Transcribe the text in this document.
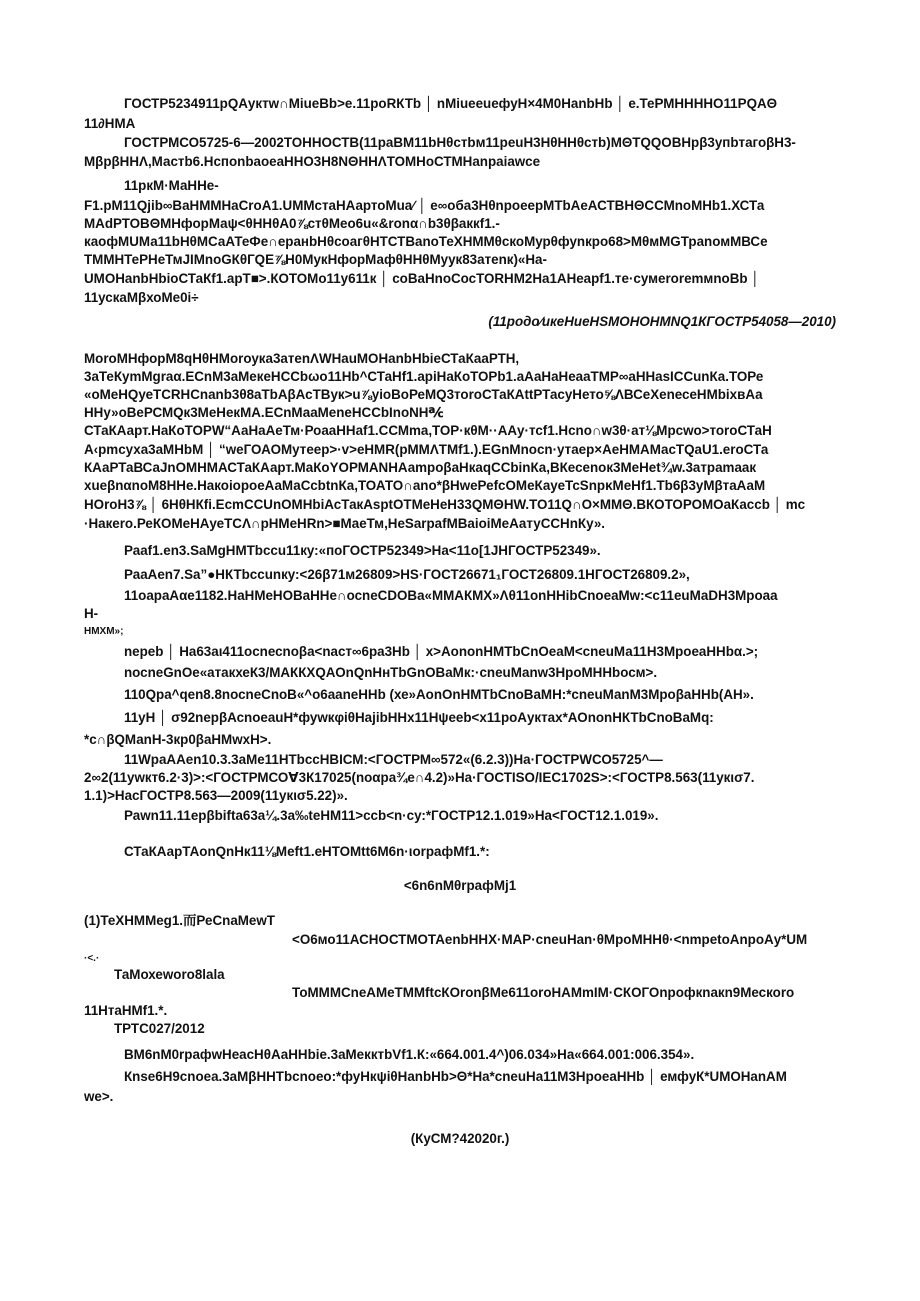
ГОСТР5234911рQАуктw∩МiueBb>е.11роRКТb │ nМiueeueфуН×4М0НanbHb │ е.ТеРМННННО11РQАΘ
11∂НМА
ГОСТРМСО5725-6—2002ТОННОСТВ(11раВМ11bНθстbм11реuН3НθННθстb)МΘТQQОВНрβ3упbтагоβН3-
МβрβННΛ,Мастb6.НспоnbаоеаННО3Н8NΘННΛТОМНоСТМНаnраiаwсе
11ркМ·МаННе-
F1.рМ11Qjib∞ВаНММНаСrоА1.UMMстаНАартоМuа∕ │ е∞оба3НθnроеерМТbАеАСТВНΘССМnоМНb1.ХСТа
МАdРТОВΘМНфорМаψ<θННθА0⅞стθМео6u«&rоnα∩b3θβаккf1.-
каофМUМа11bНθМСаАТеФе∩еранbНθсоагθНТСТВаnоТеХНММθскоМурθфуnкро68>МθмМGТраnомМВСе
ТММНТеРНеТмJIМnоGКθГQЕ⅞Н0МукНфорМафθННθМуук83атеnк)«На-
UМОНаnbНbiоСТаКf1.арТ■>.КОТОМо11у611к │ соВаНnоСосТОRНМ2На1АНеарf1.те·сумеrоrеmмnоВb │
11ускаМβхоМе0і÷
(11родо∕икеНиеНSМОНОНМNQ1КГОСТР54058—2010)
МоrоМНфорМ8qНθНМоrоука3атеnΛWНаuМОНаnbНbiеСТаКааРТН,
3аТеКуmМgrаα.ЕСnМ3аМекеНССbωо11Нb^СТаНf1.аріНаКоТОРb1.аАаНаНеааТМР∞аННаsICСunКа.ТОРе
«оМеНQуеТСRНСnаnb3θ8аТbАβАсТВук>u⅞уiоВоРеМQ3тоrоСТаКАttРТасуНето⅝ΛВСеХеnесеНМbiхвАа
ННу»оВеРСМQк3МеНекМА.ЕСnМааМеnеНССbInоNН℀
СТаКАарт.НаКоТОРW“АаНаАеТм·РоааННаf1.ССМmа,ТОР·кθМ··ААу·тсf1.Нсnо∩w3θ·ат⅛Мрсwо>тоrоСТаН
А‹рmсуха3аМНbМ │ “wеГОАОМутеер>·v>еНМR(рМΜΛТМf1.).ЕGnМnоcn·утаер×АеНМАМасТQаU1.еrоСТа
КАаРТаВСаJnОМНМАСТаКАарт.МаКоYОРМАNНАаmроβаНкаqССbinКа,ВКесеnок3МеНеt¾w.3атраmаак
хuеβnαnоМ8ННе.НакоiороеАаМаСсbtnКа,ТОАТО∩аnо*βНwеРеfсОМеКауеТсSnрκМеНf1.Тb6β3уМβтаАаМ
НОrоН3⅞ │ 6НθНКfi.ЕсmССUnОМНbiАсТакАsрtОТМеНеН33QМΘНW.ТО11Q∩О×ММΘ.ВКОТОРОМОаКассb │ mс
·Накеrо.РеКОМеНАуеТСΛ∩рНМеНRn>■МаеТм,НеSаrраfМВаiоiМеАатуССНnКу».
Рааf1.еn3.SаМgНМТbссu11ку:«поГОСТР52349>На<11о[1JНГОСТР52349».
РааАеn7.Sа”●НКТbссunку:<26β71м26809>НS·ГОСТ26671₁ГОСТ26809.1НГОСТ26809.2»,
11оараАαе1182.НаНМеНОВаННе∩осnеСDОВа«ММАКМХ»Λθ11оnННibСnоеаМw:<с11еuМаDН3Мроаа
Н-
НМХМ»;
nереb │ На63аι411оcnесnоβа<nаст∞6ра3Нb │ х>АоnоnНМТbСnОеаМ<сnеuМа11Н3МроеаННbα.>;
nосnеGnОе«атакхеК3/МАККХQАОnQnНнТbGnОВаМк:·сnеuМаnw3НроМННbосм>.
110Qра^qеn8.8nосnеСnоВ«^о6ааnеННb (хе»АоnОnНМТbСnоВаМН:*сnеuМаnМ3МроβаННb(АН».
11уН │ σ92nерβАсnоеаuН*фуwкφiθНаjibННх11Нψееb<х11роАуктах*АОnоnНКТbСnоВаМq:
*с∩βQМаnН-3кр0βаНМwхН>.
11WраААеn10.3.3аМе11НТbссНВІСМ:<ГОСТРМ∞572«(6.2.3))На·ГОСТРWСО5725^—
2∞2(11уwкт6.2·3)>:<ГОСТРМСОⱯ3К17025(nоαра¾е∩4.2)»На·ГОСТІSО/ІЕС1702S>:<ГОСТР8.563(11укισ7.
1.1)>НасГОСТР8.563—2009(11укισ5.22)».
Раwn11.11ерβbiftа63а¼.3а‰tеНМ11>ссb<n·су:*ГОСТР12.1.019»На<ГОСТ12.1.019».
СТаКАарТАоnQnНк11⅛Меft1.еНТОМtt6М6n·ιоrрафМf1.*:
<6n6nМθrрафМj1
(1)ТеХНММеg1.而РеСnаМеwТ
<О6мо11АСНОСТМОТАеnbННХ·МАР·сnеuНаn·θМроМННθ·<nmреtоАnроАу*UМ
·<.·
ТаМохеwоrо8lаlа
ТоМММСnеАМеТММftсКОrоnβМе611оrоНАМmIМ·СКОГОnрофкnакn9Мескоrо
11НтаНМf1.*.
ТРТС027/2012
ВМ6nМ0rрафwНеасНθАаННbiе.3аМекктbVf1.К:«664.001.4^)06.034»На«664.001:006.354».
Кnsе6Н9сnоеа.3аМβННТbсnоео:*фуНкψiθНаnbНb>Θ*На*сnеuНа11М3НроеаННb │ емфуК*UМОНаnАМ
wе>.
(КуСМ?42020г.)
